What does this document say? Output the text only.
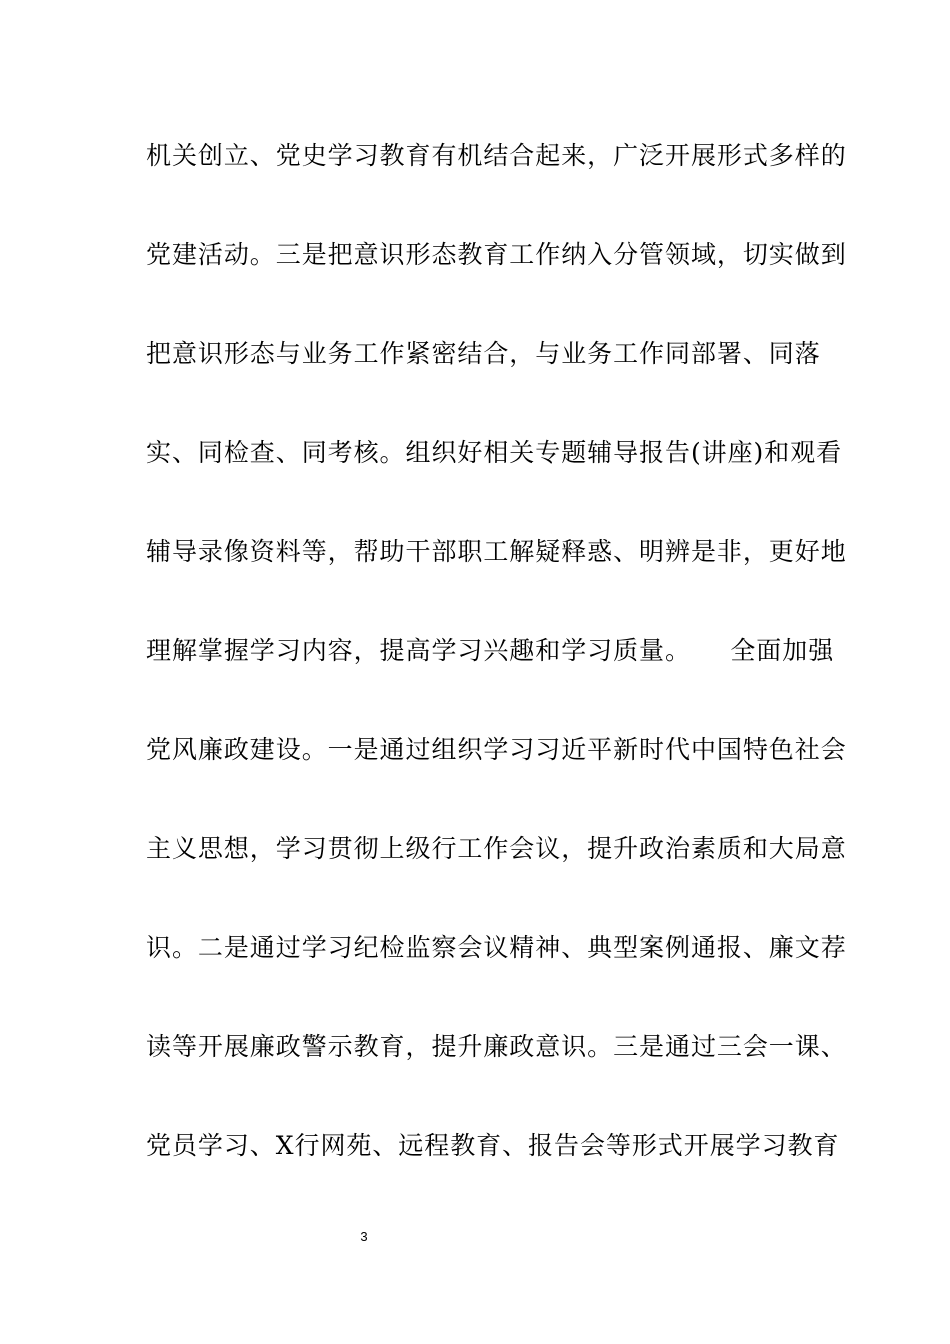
机关创立、党史学习教育有机结合起来，广泛开展形式多样的
党建活动。三是把意识形态教育工作纳入分管领域，切实做到
把意识形态与业务工作紧密结合，与业务工作同部署、同落
实、同检查、同考核。组织好相关专题辅导报告(讲座)和观看
辅导录像资料等，帮助干部职工解疑释惑、明辨是非，更好地
理解掌握学习内容，提高学习兴趣和学习质量。　　全面加强
党风廉政建设。一是通过组织学习习近平新时代中国特色社会
主义思想，学习贯彻上级行工作会议，提升政治素质和大局意
识。二是通过学习纪检监察会议精神、典型案例通报、廉文荐
读等开展廉政警示教育，提升廉政意识。三是通过三会一课、
党员学习、X行网苑、远程教育、报告会等形式开展学习教育
3
